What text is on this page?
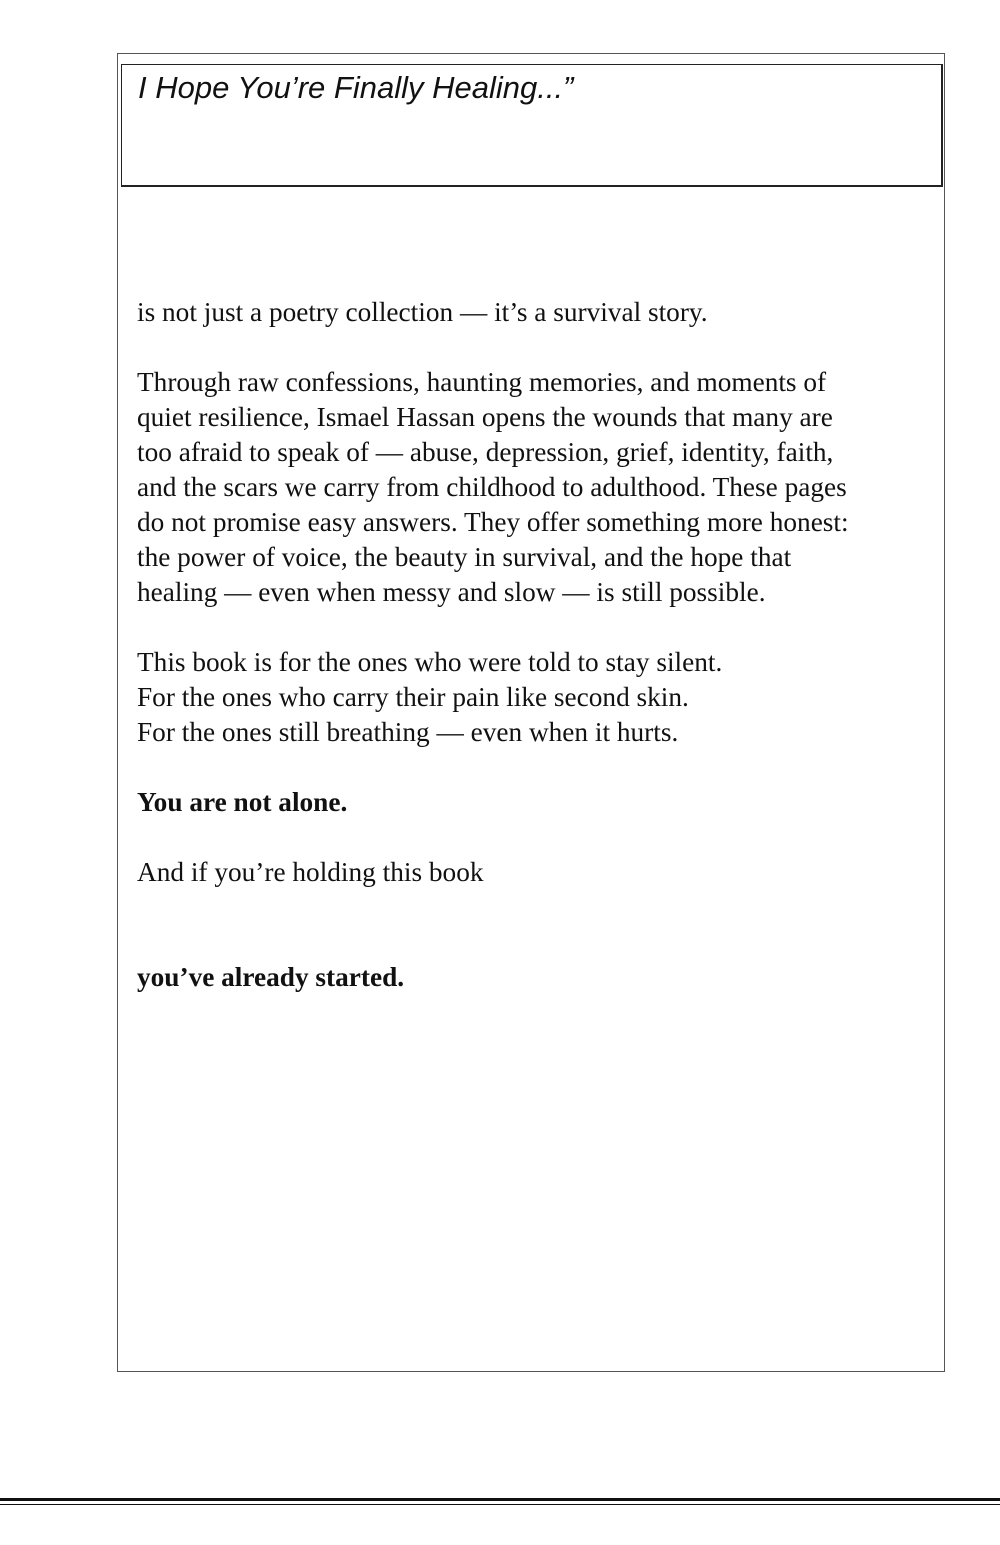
I Hope You’re Finally Healing...”

is not just a poetry collection — it’s a survival story.

Through raw confessions, haunting memories, and moments of

quiet resilience, Ismael Hassan opens the wounds that many are

too afraid to speak of — abuse, depression, grief, identity, faith,

and the scars we carry from childhood to adulthood. These pages

do not promise easy answers. They offer something more honest:

the power of voice, the beauty in survival, and the hope that

healing — even when messy and slow — is still possible.

This book is for the ones who were told to stay silent.

For the ones who carry their pain like second skin.

For the ones still breathing — even when it hurts.

You are not alone.

And if you’re holding this book

you’ve already started.
